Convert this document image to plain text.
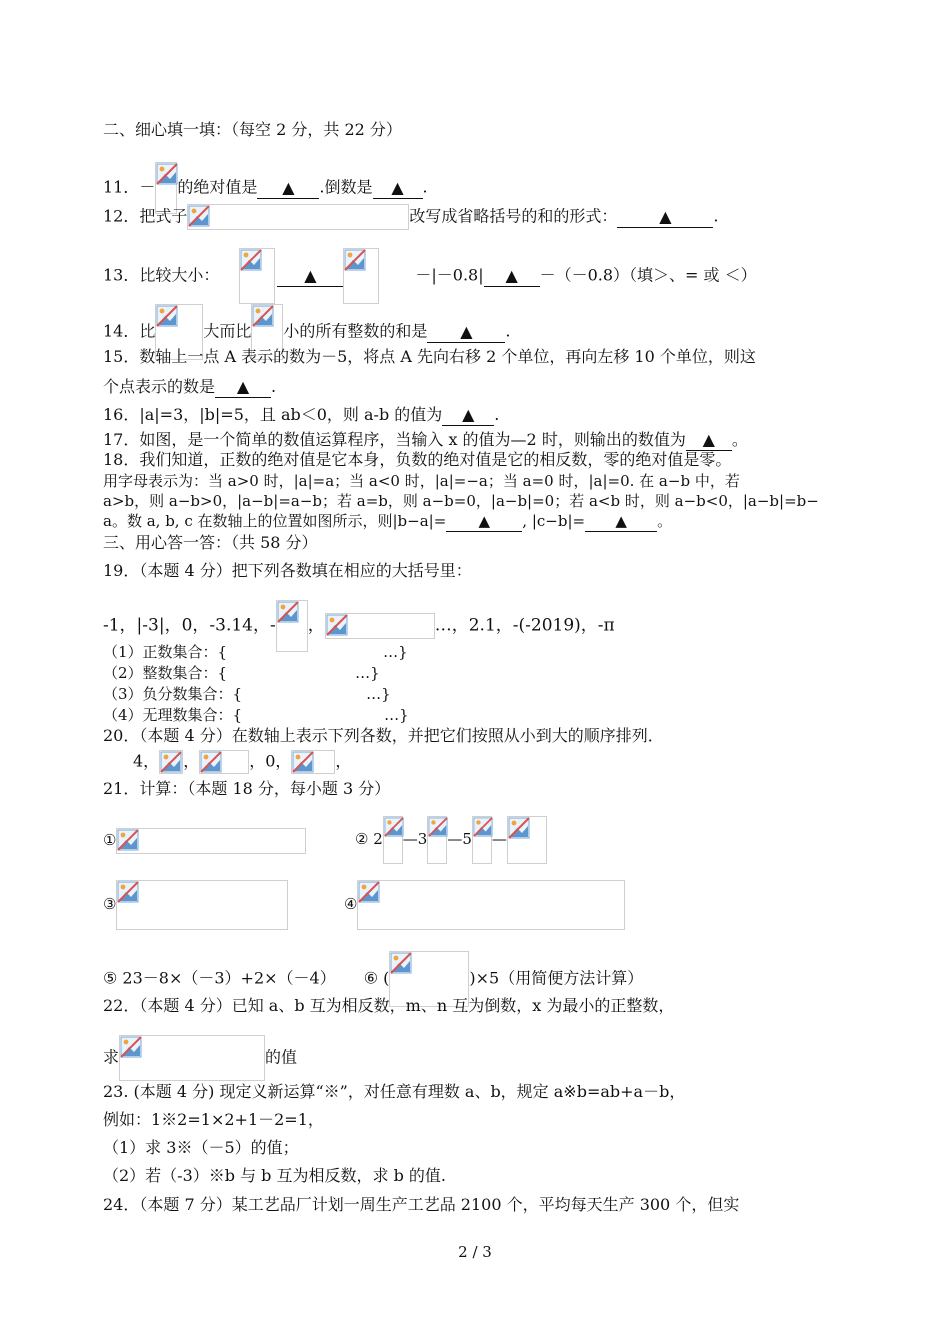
二、细心填一填：（每空 2 分，共 22 分）
11．－ 的绝对值是 ▲ .倒数是 ▲ .
12．把式子	改写成省略括号的和的形式：	▲	.
13．比较大小：	▲	－|－0.8| ▲ －（－0.8）（填＞、= 或 ＜）
14．比	大而比 小的所有整数的和是 ▲ .
15．数轴上一点 A 表示的数为－5，将点 A 先向右移 2 个单位，再向左移 10 个单位，则这
个点表示的数是 ▲ .
16．|a|=3，|b|=5，且 ab＜0，则 a-b 的值为 ▲ .
17．如图，是一个简单的数值运算程序，当输入 x 的值为—2 时，则输出的数值为 ▲ 。
18．我们知道，正数的绝对值是它本身，负数的绝对值是它的相反数，零的绝对值是零。
用字母表示为：当 a>0 时，|a|=a；当 a<0 时，|a|=−a；当 a=0 时，|a|=0. 在 a−b 中，若
a>b，则 a−b>0，|a−b|=a−b；若 a=b，则 a−b=0，|a−b|=0；若 a<b 时，则 a−b<0，|a−b|=b−
a。数 a, b, c 在数轴上的位置如图所示，则|b−a|= ▲ , |c−b|= ▲ 。
三、用心答一答：（共 58 分）
19．（本题 4 分）把下列各数填在相应的大括号里：
-1，|-3|，0，-3.14，- ，	…，2.1，-(-2019)，-π
（1）正数集合：{	…}
（2）整数集合：{	…}
（3）负分数集合：{	…}
（4）无理数集合：{	…}
20．（本题 4 分）在数轴上表示下列各数，并把它们按照从小到大的顺序排列．
4， ，	，0，	，
21．计算：（本题 18 分，每小题 3 分）
①	② 2 —3 —5 —
③	④
⑤ 23－8×（－3）+2×（－4） ⑥ (	)×5（用简便方法计算）
22．（本题 4 分）已知 a、b 互为相反数，m、n 互为倒数，x 为最小的正整数，
求	的值
23. (本题 4 分) 现定义新运算“※”，对任意有理数 a、b，规定 a※b=ab+a－b，
例如：1※2=1×2+1－2=1，
（1）求 3※（－5）的值；
（2）若（-3）※b 与 b 互为相反数，求 b 的值.
24．（本题 7 分）某工艺品厂计划一周生产工艺品 2100 个，平均每天生产 300 个，但实
2 / 3
